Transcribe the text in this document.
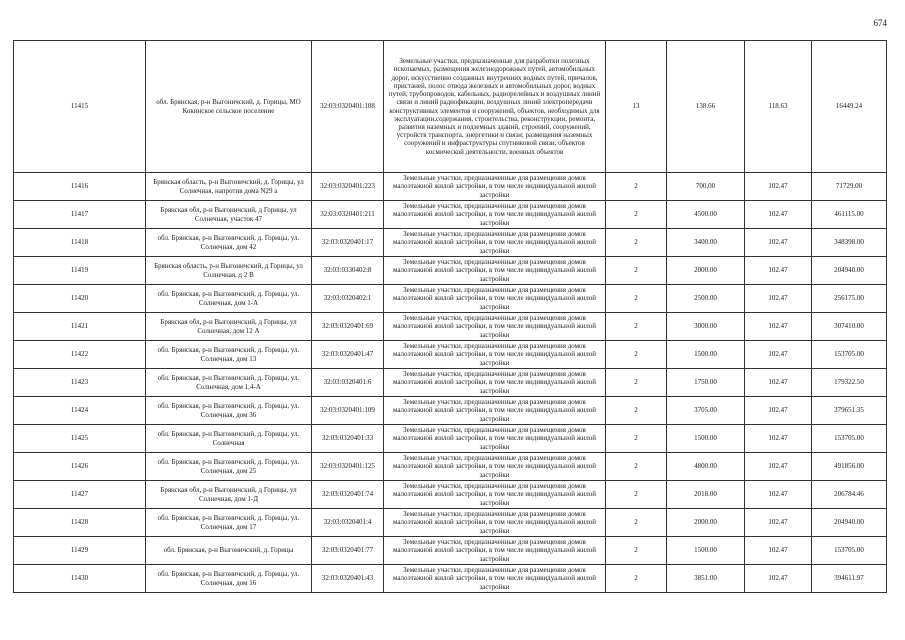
674
11415	обл. Брянская, р-н Выгоничский, д. Горицы, МО Кокинское сельское поселение	32:03:0320401:108	Земельные участки, предназначенные для разработки полезных ископаемых, размещения железнодорожных путей, автомобильных дорог, искусственно созданных внутренних водных путей, причалов, пристаней, полос отвода железных и автомобильных дорог, водных путей, трубопроводов, кабельных, радиорелейных и воздушных линий связи и линий радиофикации, воздушных линий электропередачи конструктивных элементов и сооружений, объектов, необходимых для эксплуатации,содержания, строительства, реконструкции, ремонта, развития наземных и подземных зданий, строений, сооружений, устройств транспорта, энергетики и связи; размещения наземных сооружений и инфраструктуры спутниковой связи, объектов космической деятельности, военных объектов	13	138.66	118.63	16449.24
11416	Брянская область, р-н Выгоничский, д. Горицы, ул Солнечная, напротив дома N29 а	32:03:0320401:223	Земельные участки, предназначенные для размещения домов малоэтажной жилой застройки, в том числе индивидуальной жилой застройки	2	700.00	102.47	71729.00
11417	Брянская обл, р-н Выгоничский, д Горицы, ул Солнечная, участок 47	32:03:0320401:211	Земельные участки, предназначенные для размещения домов малоэтажной жилой застройки, в том числе индивидуальной жилой застройки	2	4500.00	102.47	461115.00
11418	обл. Брянская, р-н Выгоничский, д. Горицы, ул. Солнечная, дом 42	32:03:0320401:17	Земельные участки, предназначенные для размещения домов малоэтажной жилой застройки, в том числе индивидуальной жилой застройки	2	3400.00	102.47	348398.00
11419	Брянская область, р-н Выгоничский, д Горицы, ул Солнечная, д 2 В	32:03:0330402:8	Земельные участки, предназначенные для размещения домов малоэтажной жилой застройки, в том числе индивидуальной жилой застройки	2	2000.00	102.47	204940.00
11420	обл. Брянская, р-н Выгоничский, д. Горицы, ул. Солнечная, дом 1-А	32:03:0320402:1	Земельные участки, предназначенные для размещения домов малоэтажной жилой застройки, в том числе индивидуальной жилой застройки	2	2500.00	102.47	256175.00
11421	Брянская обл, р-н Выгоничский, д Горицы, ул Солнечная, дом 12 А	32:03:0320401:69	Земельные участки, предназначенные для размещения домов малоэтажной жилой застройки, в том числе индивидуальной жилой застройки	2	3000.00	102.47	307410.00
11422	обл. Брянская, р-н Выгоничский, д. Горицы, ул. Солнечная, дом 13	32:03:0320401:47	Земельные участки, предназначенные для размещения домов малоэтажной жилой застройки, в том числе индивидуальной жилой застройки	2	1500.00	102.47	153705.00
11423	обл. Брянская, р-н Выгоничский, д. Горицы, ул. Солнечная, дом 1,4-А	32:03:0320401:6	Земельные участки, предназначенные для размещения домов малоэтажной жилой застройки, в том числе индивидуальной жилой застройки	2	1750.00	102.47	179322.50
11424	обл. Брянская, р-н Выгоничский, д. Горицы, ул. Солнечная, дом 36	32:03:0320401:109	Земельные участки, предназначенные для размещения домов малоэтажной жилой застройки, в том числе индивидуальной жилой застройки	2	3705.00	102.47	379651.35
11425	обл. Брянская, р-н Выгоничский, д. Горицы, ул. Солнечная	32:03:0320401:33	Земельные участки, предназначенные для размещения домов малоэтажной жилой застройки, в том числе индивидуальной жилой застройки	2	1500.00	102.47	153705.00
11426	обл. Брянская, р-н Выгоничский, д. Горицы, ул. Солнечная, дом 25	32:03:0320401:125	Земельные участки, предназначенные для размещения домов малоэтажной жилой застройки, в том числе индивидуальной жилой застройки	2	4800.00	102.47	491856.00
11427	Брянская обл, р-н Выгоничский, д Горицы, ул Солнечная, дом 1-Д	32:03:0320401:74	Земельные участки, предназначенные для размещения домов малоэтажной жилой застройки, в том числе индивидуальной жилой застройки	2	2018.00	102.47	206784.46
11428	обл. Брянская, р-н Выгоничский, д. Горицы, ул. Солнечная, дом 17	32:03:0320401:4	Земельные участки, предназначенные для размещения домов малоэтажной жилой застройки, в том числе индивидуальной жилой застройки	2	2000.00	102.47	204940.00
11429	обл. Брянская, р-н Выгоничский, д. Горицы	32:03:0320401:77	Земельные участки, предназначенные для размещения домов малоэтажной жилой застройки, в том числе индивидуальной жилой застройки	2	1500.00	102.47	153705.00
11430	обл. Брянская, р-н Выгоничский, д. Горицы, ул. Солнечная, дом 16	32:03:0320401:43	Земельные участки, предназначенные для размещения домов малоэтажной жилой застройки, в том числе индивидуальной жилой застройки	2	3851.00	102.47	394611.97
